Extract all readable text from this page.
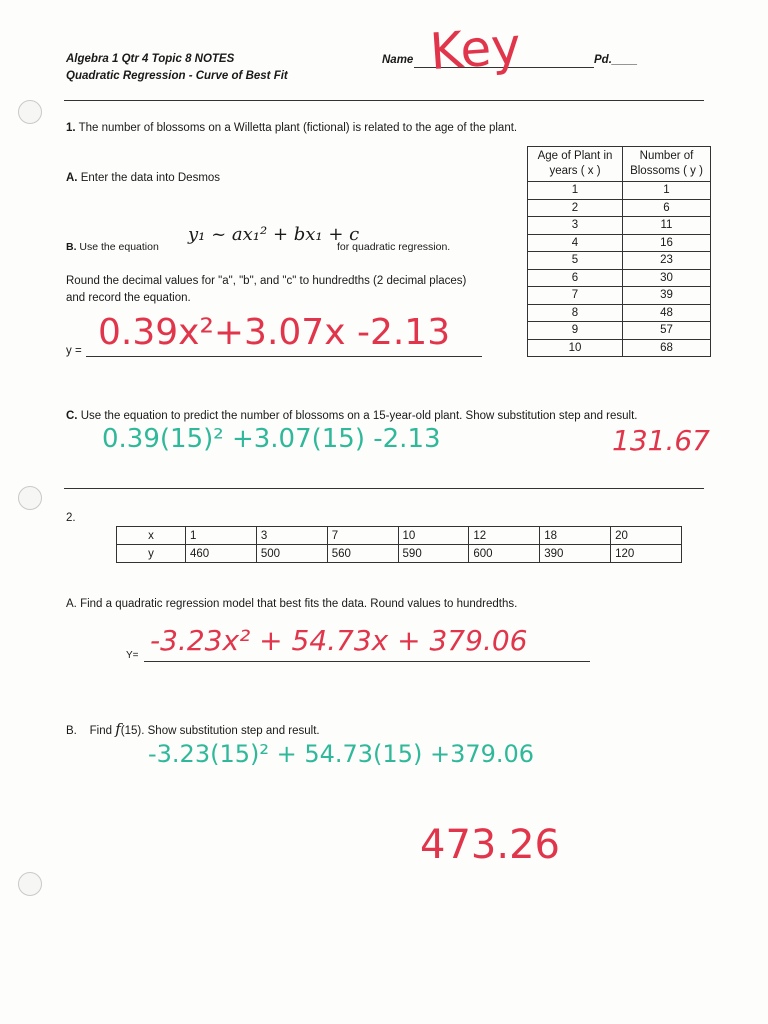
Algebra 1 Qtr 4 Topic 8 NOTES
Quadratic Regression - Curve of Best Fit
Name Key	Pd.____
1. The number of blossoms on a Willetta plant (fictional) is related to the age of the plant.
A. Enter the data into Desmos
B. Use the equation
y₁ ~ ax₁² + bx₁ + c
for quadratic regression.
Round the decimal values for "a", "b", and "c" to hundredths (2 decimal places)
and record the equation.
y = 0.39x²+3.07x -2.13
Age of Plant in years ( x )	Number of Blossoms ( y )
1	1
2	6
3	11
4	16
5	23
6	30
7	39
8	48
9	57
10	68
C. Use the equation to predict the number of blossoms on a 15-year-old plant. Show substitution step and result.
0.39(15)² +3.07(15) -2.13	131.67
2.
x	1	3	7	10	12	18	20
y	460	500	560	590	600	390	120
A. Find a quadratic regression model that best fits the data. Round values to hundredths.
Y= -3.23x² + 54.73x + 379.06
B. Find f(15). Show substitution step and result.
-3.23(15)² + 54.73(15) +379.06
473.26
